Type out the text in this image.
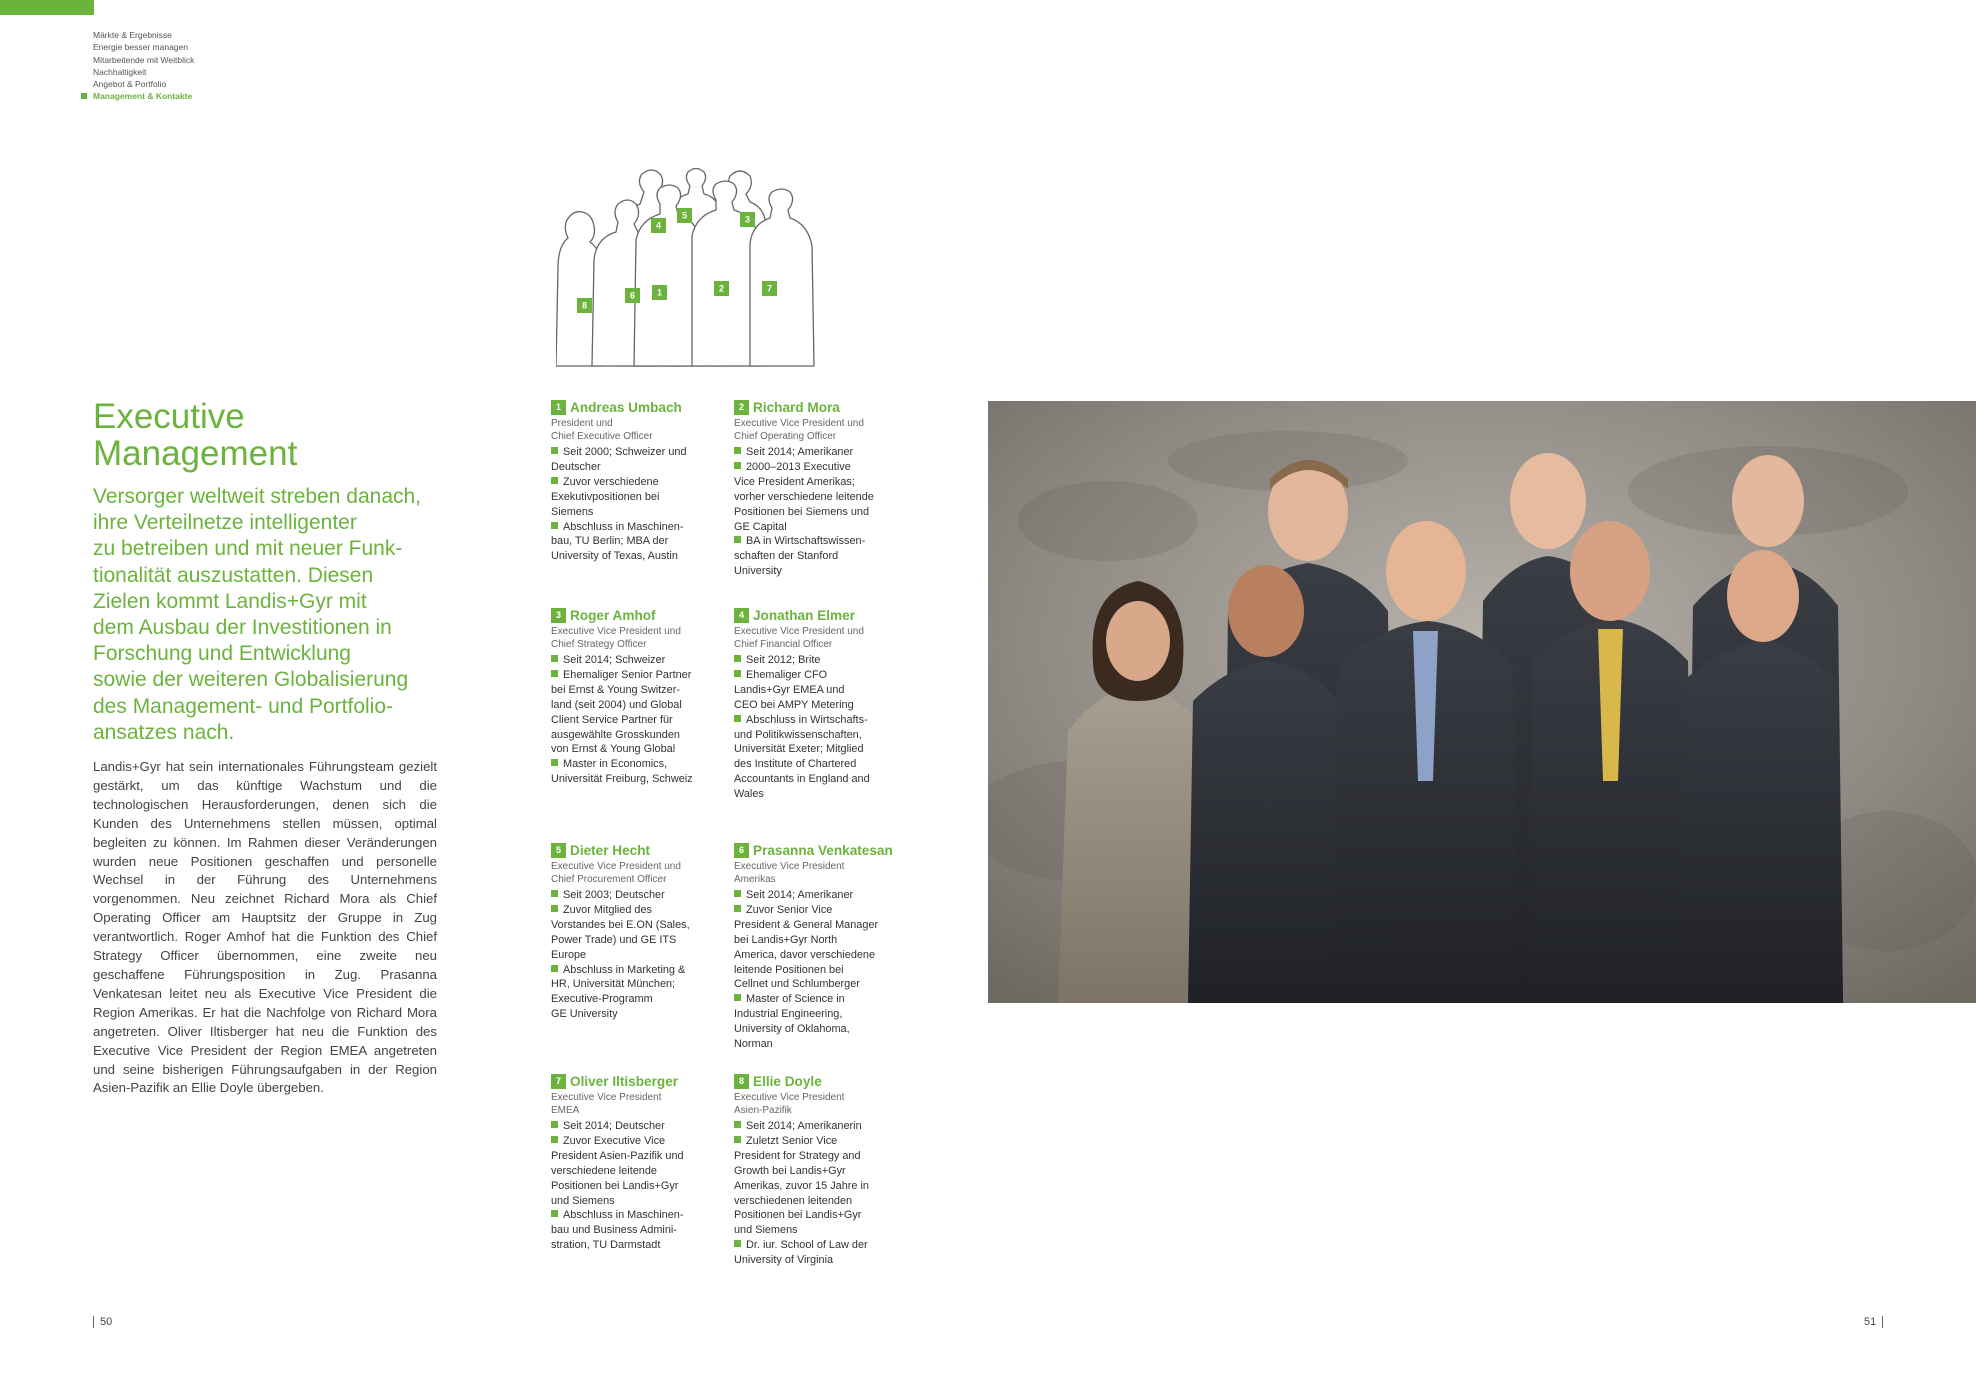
Märkte & Ergebnisse
Energie besser managen
Mitarbeitende mit Weitblick
Nachhaltigkeit
Angebot & Portfolio
Management & Kontakte
Executive
Management
Versorger weltweit streben danach,
ihre Verteilnetze intelligenter
zu betreiben und mit neuer Funk-
tionalität auszustatten. Diesen
Zielen kommt Landis+Gyr mit
dem Ausbau der Investitionen in
Forschung und Entwicklung
sowie der weiteren Globalisierung
des Management- und Portfolio-
ansatzes nach.
Landis+Gyr hat sein internationales Führungsteam gezielt gestärkt, um das künftige Wachstum und die technologischen Herausforderungen, denen sich die Kunden des Unternehmens stellen müssen, optimal begleiten zu können. Im Rahmen dieser Veränderungen wurden neue Positionen geschaffen und personelle Wechsel in der Führung des Unternehmens vorgenommen. Neu zeichnet Richard Mora als Chief Operating Officer am Hauptsitz der Gruppe in Zug verantwortlich. Roger Amhof hat die Funktion des Chief Strategy Officer übernommen, eine zweite neu geschaffene Führungsposition in Zug. Prasanna Venkatesan leitet neu als Executive Vice President die Region Amerikas. Er hat die Nachfolge von Richard Mora angetreten. Oliver Iltisberger hat neu die Funktion des Executive Vice President der Region EMEA angetreten und seine bisherigen Führungsaufgaben in der Region Asien-Pazifik an Ellie Doyle übergeben.
1	2
3
4
5
6
7
8
1 Andreas Umbach
President und
Chief Executive Officer
Seit 2000; Schweizer und
Deutscher
Zuvor verschiedene
Exekutivpositionen bei
Siemens
Abschluss in Maschinen-
bau, TU Berlin; MBA der
University of Texas, Austin
2 Richard Mora
Executive Vice President und
Chief Operating Officer
Seit 2014; Amerikaner
2000–2013 Executive
Vice President Amerikas;
vorher verschiedene leitende
Positionen bei Siemens und
GE Capital
BA in Wirtschaftswissen-
schaften der Stanford
University
3 Roger Amhof
Executive Vice President und
Chief Strategy Officer
Seit 2014; Schweizer
Ehemaliger Senior Partner
bei Ernst & Young Switzer-
land (seit 2004) und Global
Client Service Partner für
ausgewählte Grosskunden
von Ernst & Young Global
Master in Economics,
Universität Freiburg, Schweiz
4 Jonathan Elmer
Executive Vice President und
Chief Financial Officer
Seit 2012; Brite
Ehemaliger CFO
Landis+Gyr EMEA und
CEO bei AMPY Metering
Abschluss in Wirtschafts-
und Politikwissenschaften,
Universität Exeter; Mitglied
des Institute of Chartered
Accountants in England and
Wales
5 Dieter Hecht
Executive Vice President und
Chief Procurement Officer
Seit 2003; Deutscher
Zuvor Mitglied des
Vorstandes bei E.ON (Sales,
Power Trade) und GE ITS
Europe
Abschluss in Marketing &
HR, Universität München;
Executive-Programm
GE University
6 Prasanna Venkatesan
Executive Vice President
Amerikas
Seit 2014; Amerikaner
Zuvor Senior Vice
President & General Manager
bei Landis+Gyr North
America, davor verschiedene
leitende Positionen bei
Cellnet und Schlumberger
Master of Science in
Industrial Engineering,
University of Oklahoma,
Norman
7 Oliver Iltisberger
Executive Vice President
EMEA
Seit 2014; Deutscher
Zuvor Executive Vice
President Asien-Pazifik und
verschiedene leitende
Positionen bei Landis+Gyr
und Siemens
Abschluss in Maschinen-
bau und Business Admini-
stration, TU Darmstadt
8 Ellie Doyle
Executive Vice President
Asien-Pazifik
Seit 2014; Amerikanerin
Zuletzt Senior Vice
President for Strategy and
Growth bei Landis+Gyr
Amerikas, zuvor 15 Jahre in
verschiedenen leitenden
Positionen bei Landis+Gyr
und Siemens
Dr. iur. School of Law der
University of Virginia
50	51
